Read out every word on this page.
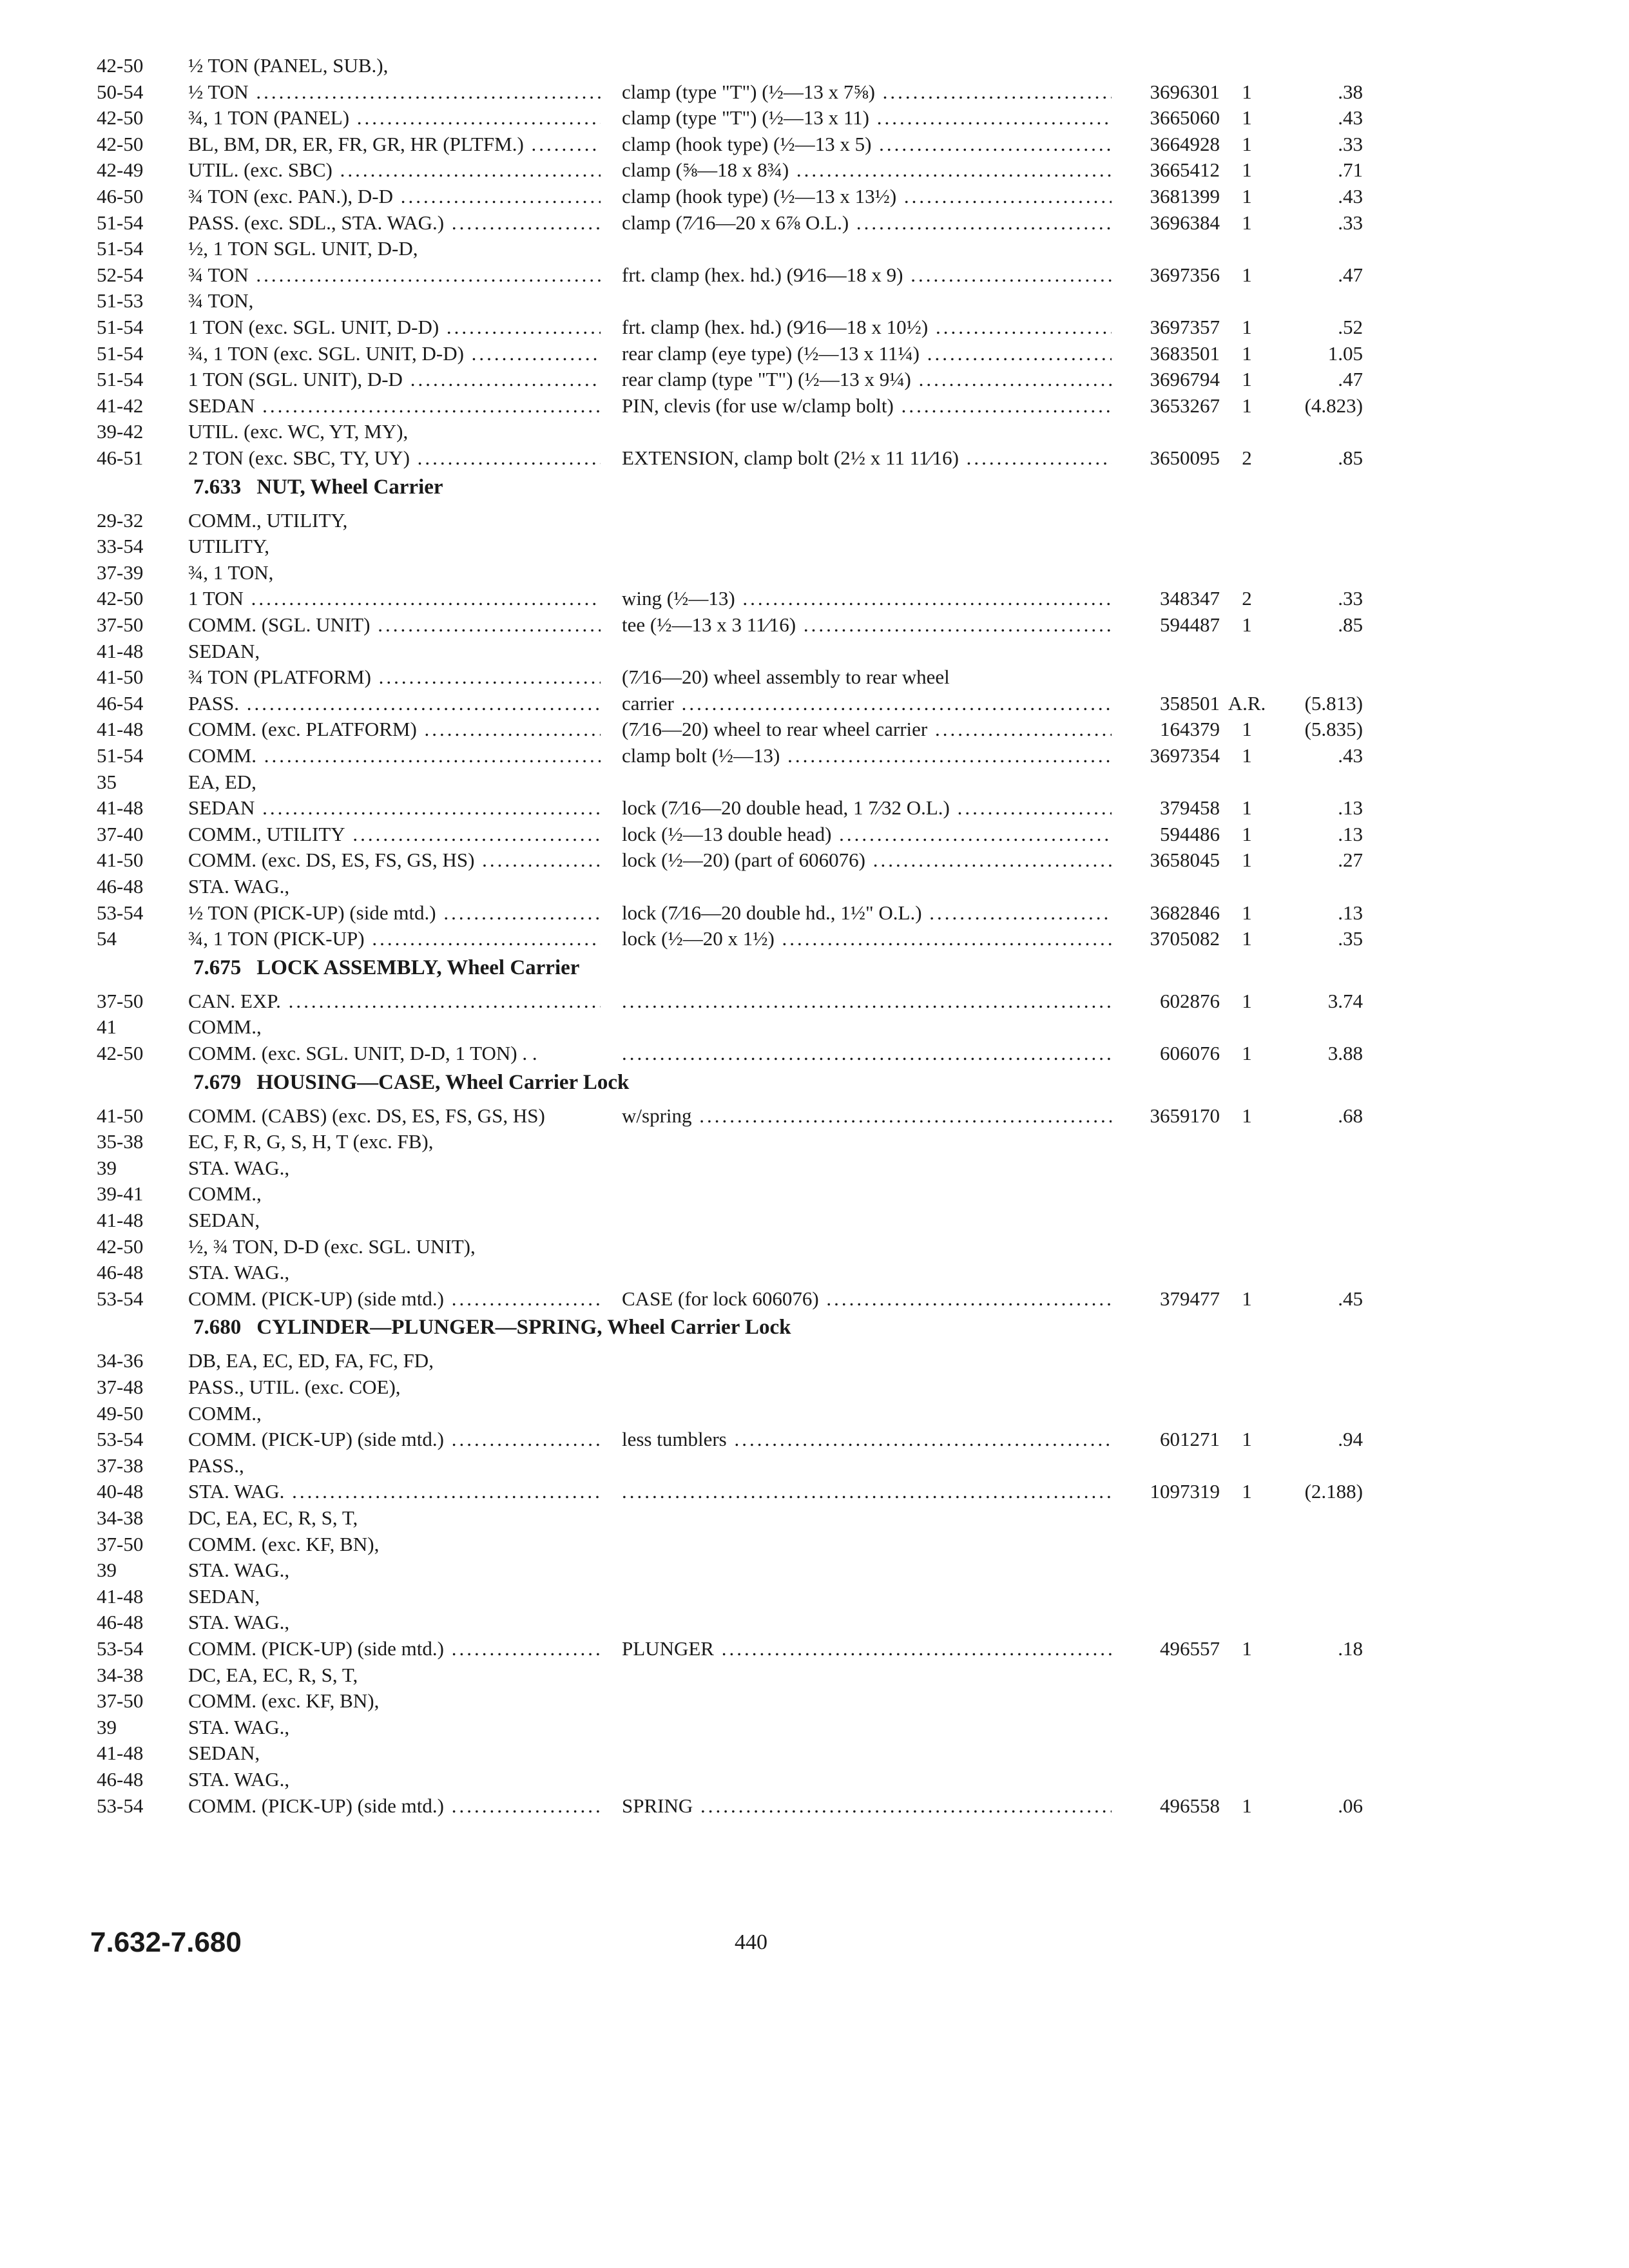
42-50	½ TON (PANEL, SUB.),
50-54	½ TON .....	clamp (type "T") (½—13 x 7⅝) .....	3696301	1	.38
42-50	¾, 1 TON (PANEL) .....	clamp (type "T") (½—13 x 11) .....	3665060	1	.43
42-50	BL, BM, DR, ER, FR, GR, HR (PLTFM.) .....	clamp (hook type) (½—13 x 5) .....	3664928	1	.33
42-49	UTIL. (exc. SBC) .....	clamp (⅝—18 x 8¾) .....	3665412	1	.71
46-50	¾ TON (exc. PAN.), D-D .....	clamp (hook type) (½—13 x 13½) .....	3681399	1	.43
51-54	PASS. (exc. SDL., STA. WAG.) .....	clamp (7⁄16—20 x 6⅞ O.L.) .....	3696384	1	.33
51-54	½, 1 TON SGL. UNIT, D-D,
52-54	¾ TON .....	frt. clamp (hex. hd.) (9⁄16—18 x 9) .....	3697356	1	.47
51-53	¾ TON,
51-54	1 TON (exc. SGL. UNIT, D-D) .....	frt. clamp (hex. hd.) (9⁄16—18 x 10½) .....	3697357	1	.52
51-54	¾, 1 TON (exc. SGL. UNIT, D-D) .....	rear clamp (eye type) (½—13 x 11¼) .....	3683501	1	1.05
51-54	1 TON (SGL. UNIT), D-D .....	rear clamp (type "T") (½—13 x 9¼) .....	3696794	1	.47
41-42	SEDAN .....	PIN, clevis (for use w/clamp bolt) .....	3653267	1	(4.823)
39-42	UTIL. (exc. WC, YT, MY),
46-51	2 TON (exc. SBC, TY, UY) .....	EXTENSION, clamp bolt (2½ x 11 11⁄16) .....	3650095	2	.85
7.633 NUT, Wheel Carrier
29-32	COMM., UTILITY,
33-54	UTILITY,
37-39	¾, 1 TON,
42-50	1 TON .....	wing (½—13) .....	348347	2	.33
37-50	COMM. (SGL. UNIT) .....	tee (½—13 x 3 11⁄16) .....	594487	1	.85
41-48	SEDAN,
41-50	¾ TON (PLATFORM) .....	(7⁄16—20) wheel assembly to rear wheel
46-54	PASS. .....	carrier .....	358501 A.R.	(5.813)
41-48	COMM. (exc. PLATFORM) .....	(7⁄16—20) wheel to rear wheel carrier .....	164379	1	(5.835)
51-54	COMM. .....	clamp bolt (½—13) .....	3697354	1	.43
35	EA, ED,
41-48	SEDAN .....	lock (7⁄16—20 double head, 1 7⁄32 O.L.) .....	379458	1	.13
37-40	COMM., UTILITY .....	lock (½—13 double head) .....	594486	1	.13
41-50	COMM. (exc. DS, ES, FS, GS, HS) .....	lock (½—20) (part of 606076) .....	3658045	1	.27
46-48	STA. WAG.,
53-54	½ TON (PICK-UP) (side mtd.) .....	lock (7⁄16—20 double hd., 1½" O.L.) .....	3682846	1	.13
54	¾, 1 TON (PICK-UP) .....	lock (½—20 x 1½) .....	3705082	1	.35
7.675 LOCK ASSEMBLY, Wheel Carrier
37-50	CAN. EXP. ..... .....	602876	1	3.74
41	COMM.,
42-50	COMM. (exc. SGL. UNIT, D-D, 1 TON) . . .....	606076	1	3.88
7.679 HOUSING—CASE, Wheel Carrier Lock
41-50	COMM. (CABS) (exc. DS, ES, FS, GS, HS)	w/spring .....	3659170	1	.68
35-38	EC, F, R, G, S, H, T (exc. FB),
39	STA. WAG.,
39-41	COMM.,
41-48	SEDAN,
42-50	½, ¾ TON, D-D (exc. SGL. UNIT),
46-48	STA. WAG.,
53-54	COMM. (PICK-UP) (side mtd.) .....	CASE (for lock 606076) .....	379477	1	.45
7.680 CYLINDER—PLUNGER—SPRING, Wheel Carrier Lock
34-36	DB, EA, EC, ED, FA, FC, FD,
37-48	PASS., UTIL. (exc. COE),
49-50	COMM.,
53-54	COMM. (PICK-UP) (side mtd.) .....	less tumblers .....	601271	1	.94
37-38	PASS.,
40-48	STA. WAG. ..... .....	1097319	1	(2.188)
34-38	DC, EA, EC, R, S, T,
37-50	COMM. (exc. KF, BN),
39	STA. WAG.,
41-48	SEDAN,
46-48	STA. WAG.,
53-54	COMM. (PICK-UP) (side mtd.) .....	PLUNGER .....	496557	1	.18
34-38	DC, EA, EC, R, S, T,
37-50	COMM. (exc. KF, BN),
39	STA. WAG.,
41-48	SEDAN,
46-48	STA. WAG.,
53-54	COMM. (PICK-UP) (side mtd.) .....	SPRING .....	496558	1	.06
7.632-7.680	440
